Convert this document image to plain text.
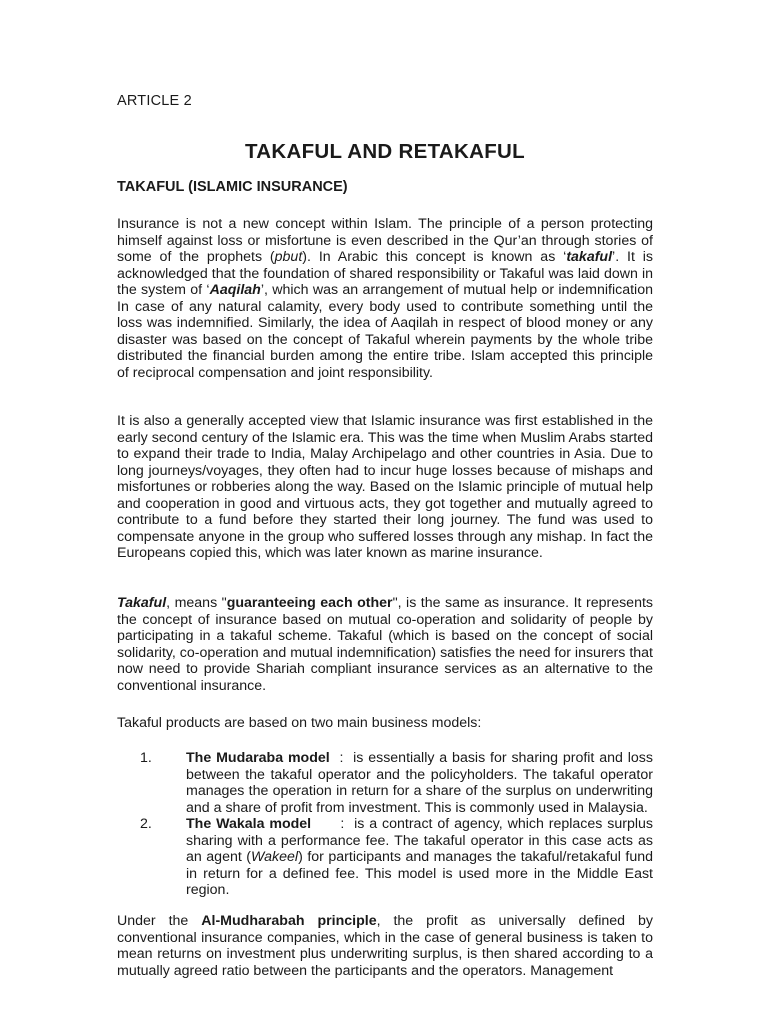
ARTICLE 2
TAKAFUL AND RETAKAFUL
TAKAFUL (ISLAMIC INSURANCE)

Insurance is not a new concept within Islam. The principle of a person protecting himself against loss or misfortune is even described in the Qur’an through stories of some of the prophets (pbut). In Arabic this concept is known as ‘takaful’. It is acknowledged that the foundation of shared responsibility or Takaful was laid down in the system of ‘Aaqilah’, which was an arrangement of mutual help or indemnification In case of any natural calamity, every body used to contribute something until the loss was indemnified. Similarly, the idea of Aaqilah in respect of blood money or any disaster was based on the concept of Takaful wherein payments by the whole tribe distributed the financial burden among the entire tribe. Islam accepted this principle of reciprocal compensation and joint responsibility.

It is also a generally accepted view that Islamic insurance was first established in the early second century of the Islamic era. This was the time when Muslim Arabs started to expand their trade to India, Malay Archipelago and other countries in Asia. Due to long journeys/voyages, they often had to incur huge losses because of mishaps and misfortunes or robberies along the way. Based on the Islamic principle of mutual help and cooperation in good and virtuous acts, they got together and mutually agreed to contribute to a fund before they started their long journey. The fund was used to compensate anyone in the group who suffered losses through any mishap. In fact the Europeans copied this, which was later known as marine insurance.

Takaful, means "guaranteeing each other", is the same as insurance. It represents the concept of insurance based on mutual co-operation and solidarity of people by participating in a takaful scheme. Takaful (which is based on the concept of social solidarity, co-operation and mutual indemnification) satisfies the need for insurers that now need to provide Shariah compliant insurance services as an alternative to the conventional insurance.

Takaful products are based on two main business models:

1. The Mudaraba model  :  is essentially a basis for sharing profit and loss between the takaful operator and the policyholders. The takaful operator manages the operation in return for a share of the surplus on underwriting and a share of profit from investment. This is commonly used in Malaysia.
2. The Wakala model      :  is a contract of agency, which replaces surplus sharing with a performance fee. The takaful operator in this case acts as an agent (Wakeel) for participants and manages the takaful/retakaful fund in return for a defined fee. This model is used more in the Middle East region.

Under the Al-Mudharabah principle, the profit as universally defined by conventional insurance companies, which in the case of general business is taken to mean returns on investment plus underwriting surplus, is then shared according to a mutually agreed ratio between the participants and the operators. Management
